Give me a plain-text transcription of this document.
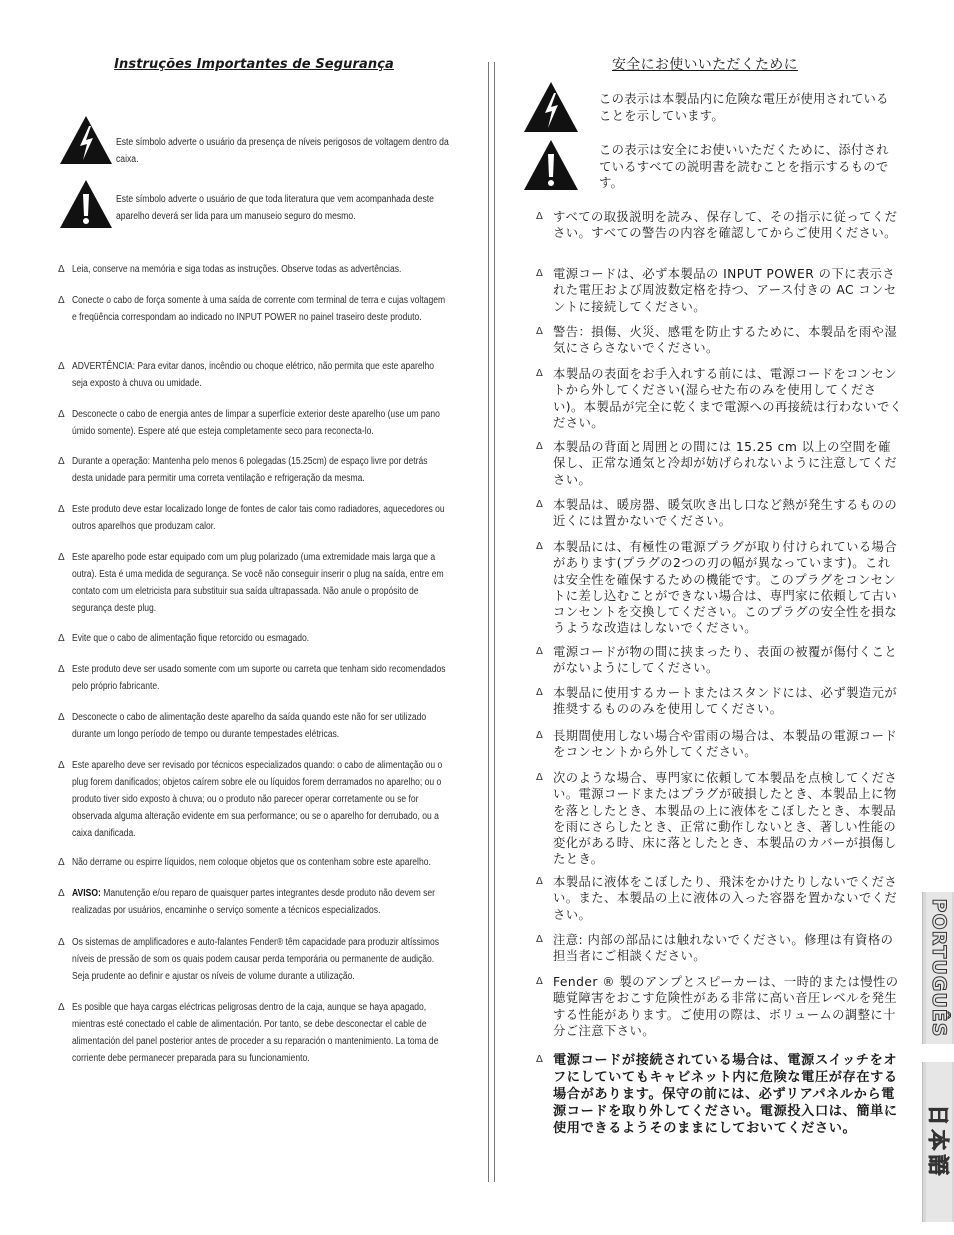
Instruções Importantes de Segurança
Este símbolo adverte o usuário da presença de níveis perigosos de voltagem dentro da caixa.
Este símbolo adverte o usuário de que toda literatura que vem acompanhada deste aparelho deverá ser lida para um manuseio seguro do mesmo.
Δ Leia, conserve na memória e siga todas as instruções. Observe todas as advertências.
Δ Conecte o cabo de força somente à uma saída de corrente com terminal de terra e cujas voltagem e freqüência correspondam ao indicado no INPUT POWER no painel traseiro deste produto.
Δ ADVERTÊNCIA: Para evitar danos, incêndio ou choque elétrico, não permita que este aparelho seja exposto à chuva ou umidade.
Δ Desconecte o cabo de energia antes de limpar a superfície exterior deste aparelho (use um pano úmido somente). Espere até que esteja completamente seco para reconecta-lo.
Δ Durante a operação: Mantenha pelo menos 6 polegadas (15.25cm) de espaço livre por detrás desta unidade para permitir uma correta ventilação e refrigeração da mesma.
Δ Este produto deve estar localizado longe de fontes de calor tais como radiadores, aquecedores ou outros aparelhos que produzam calor.
Δ Este aparelho pode estar equipado com um plug polarizado (uma extremidade mais larga que a outra). Esta é uma medida de segurança. Se você não conseguir inserir o plug na saída, entre em contato com um eletricista para substituir sua saída ultrapassada. Não anule o propósito de segurança deste plug.
Δ Evite que o cabo de alimentação fique retorcido ou esmagado.
Δ Este produto deve ser usado somente com um suporte ou carreta que tenham sido recomendados pelo próprio fabricante.
Δ Desconecte o cabo de alimentação deste aparelho da saída quando este não for ser utilizado durante um longo período de tempo ou durante tempestades elétricas.
Δ Este aparelho deve ser revisado por técnicos especializados quando: o cabo de alimentação ou o plug forem danificados; objetos caírem sobre ele ou líquidos forem derramados no aparelho; ou o produto tiver sido exposto à chuva; ou o produto não parecer operar corretamente ou se for observada alguma alteração evidente em sua performance; ou se o aparelho for derrubado, ou a caixa danificada.
Δ Não derrame ou espirre líquidos, nem coloque objetos que os contenham sobre este aparelho.
Δ AVISO: Manutenção e/ou reparo de quaisquer partes integrantes desde produto não devem ser realizadas por usuários, encaminhe o serviço somente a técnicos especializados.
Δ Os sistemas de amplificadores e auto-falantes Fender® têm capacidade para produzir altíssimos níveis de pressão de som os quais podem causar perda temporária ou permanente de audição. Seja prudente ao definir e ajustar os níveis de volume durante a utilização.
Δ Es posible que haya cargas eléctricas peligrosas dentro de la caja, aunque se haya apagado, mientras esté conectado el cable de alimentación. Por tanto, se debe desconectar el cable de alimentación del panel posterior antes de proceder a su reparación o mantenimiento. La toma de corriente debe permanecer preparada para su funcionamiento.
安全にお使いいただくために
この表示は本製品内に危険な電圧が使用されていることを示しています。
この表示は安全にお使いいただくために、添付されているすべての説明書を読むことを指示するものです。
Δ すべての取扱説明を読み、保存して、その指示に従ってください。すべての警告の内容を確認してからご使用ください。
Δ 電源コードは、必ず本製品の INPUT POWER の下に表示された電圧および周波数定格を持つ、アース付きの AC コンセントに接続してください。
Δ 警告：損傷、火災、感電を防止するために、本製品を雨や湿気にさらさないでください。
Δ 本製品の表面をお手入れする前には、電源コードをコンセントから外してください(湿らせた布のみを使用してください)。本製品が完全に乾くまで電源への再接続は行わないでください。
Δ 本製品の背面と周囲との間には 15.25 cm 以上の空間を確保し、正常な通気と冷却が妨げられないように注意してください。
Δ 本製品は、暖房器、暖気吹き出し口など熱が発生するものの近くには置かないでください。
Δ 本製品には、有極性の電源プラグが取り付けられている場合があります(プラグの2つの刃の幅が異なっています)。これは安全性を確保するための機能です。このプラグをコンセントに差し込むことができない場合は、専門家に依頼して古いコンセントを交換してください。このプラグの安全性を損なうような改造はしないでください。
Δ 電源コードが物の間に挟まったり、表面の被覆が傷付くことがないようにしてください。
Δ 本製品に使用するカートまたはスタンドには、必ず製造元が推奨するもののみを使用してください。
Δ 長期間使用しない場合や雷雨の場合は、本製品の電源コードをコンセントから外してください。
Δ 次のような場合、専門家に依頼して本製品を点検してください。電源コードまたはプラグが破損したとき、本製品上に物を落としたとき、本製品の上に液体をこぼしたとき、本製品を雨にさらしたとき、正常に動作しないとき、著しい性能の変化がある時、床に落としたとき、本製品のカバーが損傷したとき。
Δ 本製品に液体をこぼしたり、飛沫をかけたりしないでください。また、本製品の上に液体の入った容器を置かないでください。
Δ 注意: 内部の部品には触れないでください。修理は有資格の担当者にご相談ください。
Δ Fender ® 製のアンプとスピーカーは、一時的または慢性の聴覚障害をおこす危険性がある非常に高い音圧レベルを発生する性能があります。ご使用の際は、ボリュームの調整に十分ご注意下さい。
Δ 電源コードが接続されている場合は、電源スイッチをオフにしていてもキャビネット内に危険な電圧が存在する場合があります。保守の前には、必ずリアパネルから電源コードを取り外してください。電源投入口は、簡単に使用できるようそのままにしておいてください。
PORTUGUÊS
日本語
